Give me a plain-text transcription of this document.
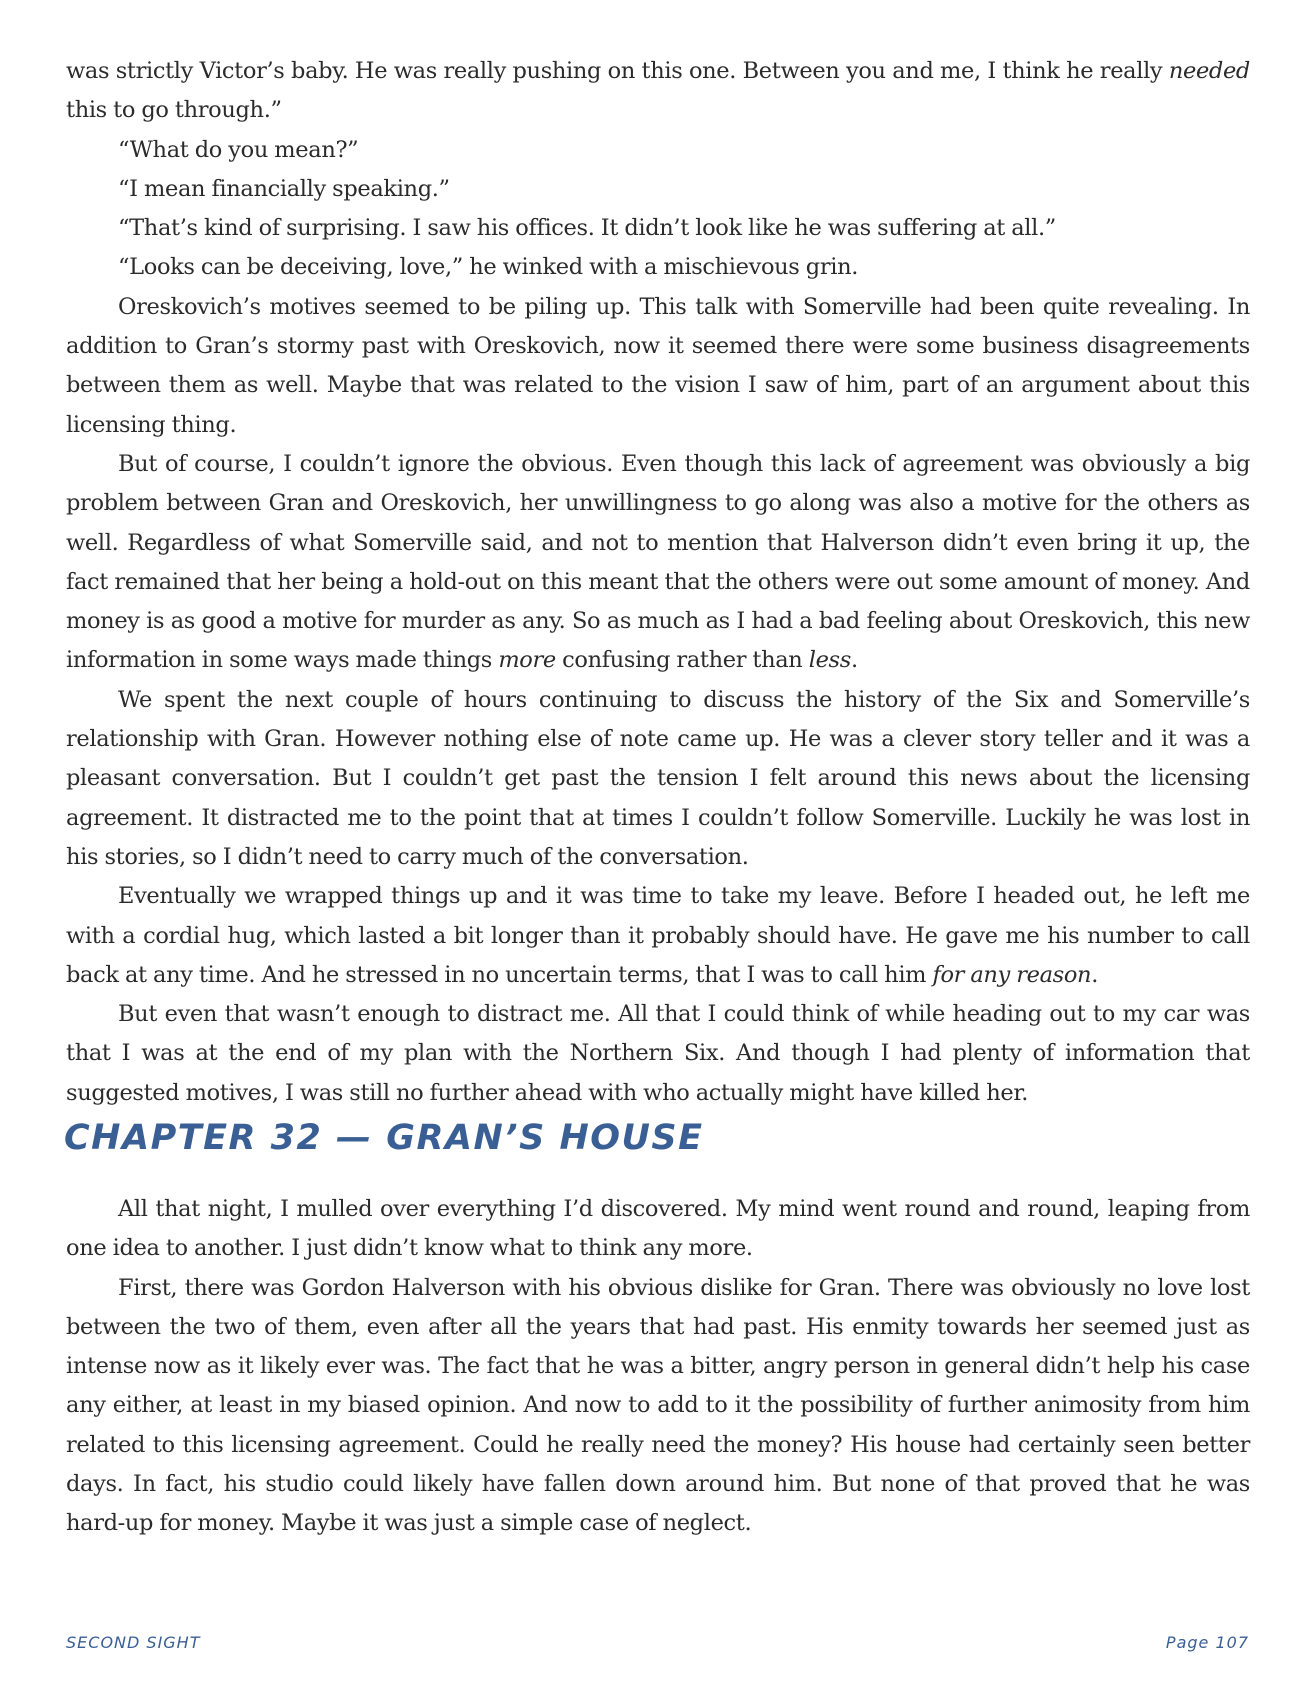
was strictly Victor’s baby. He was really pushing on this one. Between you and me, I think he really needed this to go through.”

“What do you mean?”

“I mean financially speaking.”

“That’s kind of surprising. I saw his offices. It didn’t look like he was suffering at all.”

“Looks can be deceiving, love,” he winked with a mischievous grin.

Oreskovich’s motives seemed to be piling up. This talk with Somerville had been quite revealing. In addition to Gran’s stormy past with Oreskovich, now it seemed there were some business disagreements between them as well. Maybe that was related to the vision I saw of him, part of an argument about this licensing thing.

But of course, I couldn’t ignore the obvious. Even though this lack of agreement was obviously a big problem between Gran and Oreskovich, her unwillingness to go along was also a motive for the others as well. Regardless of what Somerville said, and not to mention that Halverson didn’t even bring it up, the fact remained that her being a hold-out on this meant that the others were out some amount of money. And money is as good a motive for murder as any. So as much as I had a bad feeling about Oreskovich, this new information in some ways made things more confusing rather than less.

We spent the next couple of hours continuing to discuss the history of the Six and Somerville’s relationship with Gran. However nothing else of note came up. He was a clever story teller and it was a pleasant conversation. But I couldn’t get past the tension I felt around this news about the licensing agreement. It distracted me to the point that at times I couldn’t follow Somerville. Luckily he was lost in his stories, so I didn’t need to carry much of the conversation.

Eventually we wrapped things up and it was time to take my leave. Before I headed out, he left me with a cordial hug, which lasted a bit longer than it probably should have. He gave me his number to call back at any time. And he stressed in no uncertain terms, that I was to call him for any reason.

But even that wasn’t enough to distract me. All that I could think of while heading out to my car was that I was at the end of my plan with the Northern Six. And though I had plenty of information that suggested motives, I was still no further ahead with who actually might have killed her.

CHAPTER 32 — GRAN’S HOUSE

All that night, I mulled over everything I’d discovered. My mind went round and round, leaping from one idea to another. I just didn’t know what to think any more.

First, there was Gordon Halverson with his obvious dislike for Gran. There was obviously no love lost between the two of them, even after all the years that had past. His enmity towards her seemed just as intense now as it likely ever was. The fact that he was a bitter, angry person in general didn’t help his case any either, at least in my biased opinion. And now to add to it the possibility of further animosity from him related to this licensing agreement. Could he really need the money? His house had certainly seen better days. In fact, his studio could likely have fallen down around him. But none of that proved that he was hard-up for money. Maybe it was just a simple case of neglect.

SECOND SIGHT	Page 107
